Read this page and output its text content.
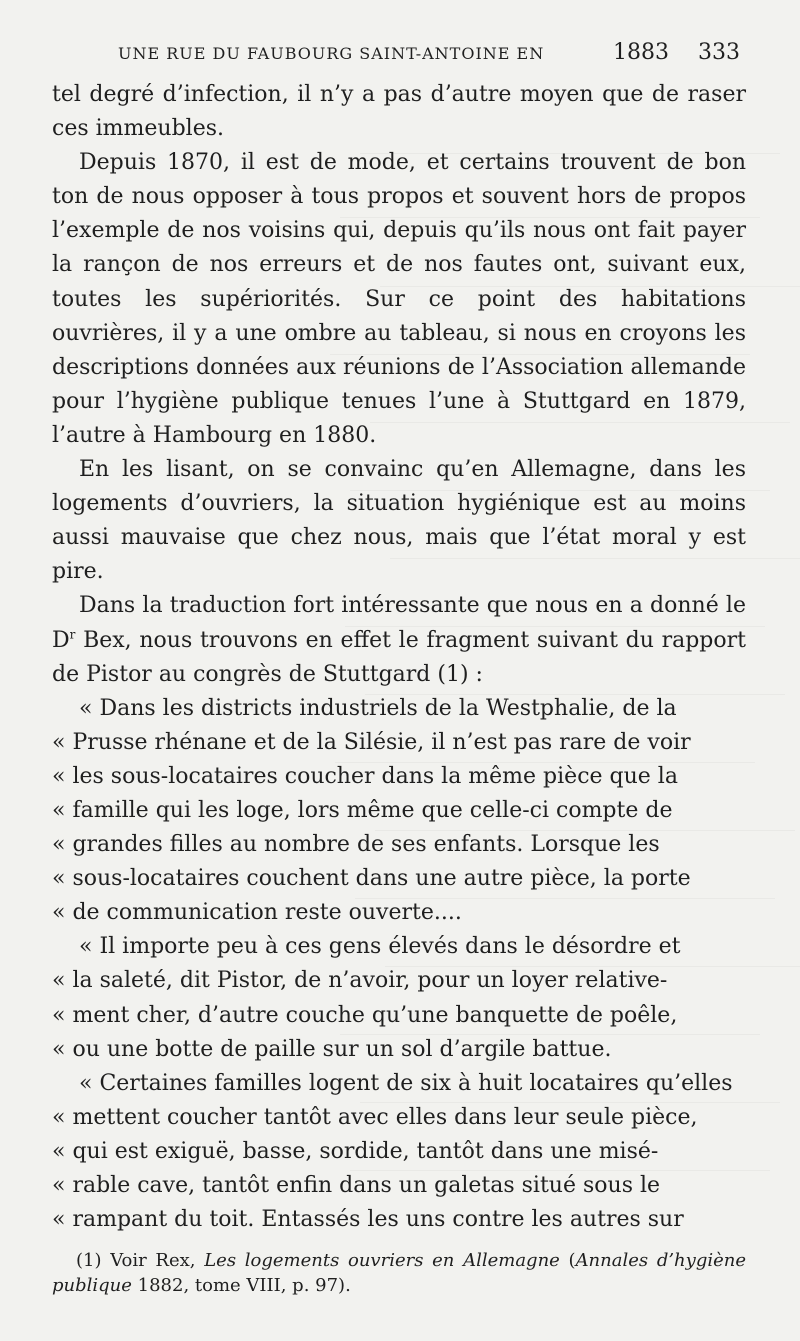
UNE RUE DU FAUBOURG SAINT-ANTOINE EN	1883 333

tel degré d’infection, il n’y a pas d’autre moyen que de raser ces immeubles.

Depuis 1870, il est de mode, et certains trouvent de bon ton de nous opposer à tous propos et souvent hors de propos l’exemple de nos voisins qui, depuis qu’ils nous ont fait payer la rançon de nos erreurs et de nos fautes ont, suivant eux, toutes les supériorités. Sur ce point des habitations ouvrières, il y a une ombre au tableau, si nous en croyons les descriptions données aux réunions de l’Association allemande pour l’hygiène publique tenues l’une à Stuttgard en 1879, l’autre à Hambourg en 1880.

En les lisant, on se convainc qu’en Allemagne, dans les logements d’ouvriers, la situation hygiénique est au moins aussi mauvaise que chez nous, mais que l’état moral y est pire.

Dans la traduction fort intéressante que nous en a donné le $D^r$ Bex, nous trouvons en effet le fragment suivant du rapport de Pistor au congrès de Stuttgard (1) :

« Dans les districts industriels de la Westphalie, de la

« Prusse rhénane et de la Silésie, il n’est pas rare de voir

« les sous-locataires coucher dans la même pièce que la

« famille qui les loge, lors même que celle-ci compte de

« grandes filles au nombre de ses enfants. Lorsque les

« sous-locataires couchent dans une autre pièce, la porte

« de communication reste ouverte....

« Il importe peu à ces gens élevés dans le désordre et

« la saleté, dit Pistor, de n’avoir, pour un loyer relative-

« ment cher, d’autre couche qu’une banquette de poêle,

« ou une botte de paille sur un sol d’argile battue.

« Certaines familles logent de six à huit locataires qu’elles

« mettent coucher tantôt avec elles dans leur seule pièce,

« qui est exiguë, basse, sordide, tantôt dans une misé-

« rable cave, tantôt enfin dans un galetas situé sous le

« rampant du toit. Entassés les uns contre les autres sur

(1) Voir Rex, Les logements ouvriers en Allemagne (Annales d’hygiène publique 1882, tome VIII, p. 97).
